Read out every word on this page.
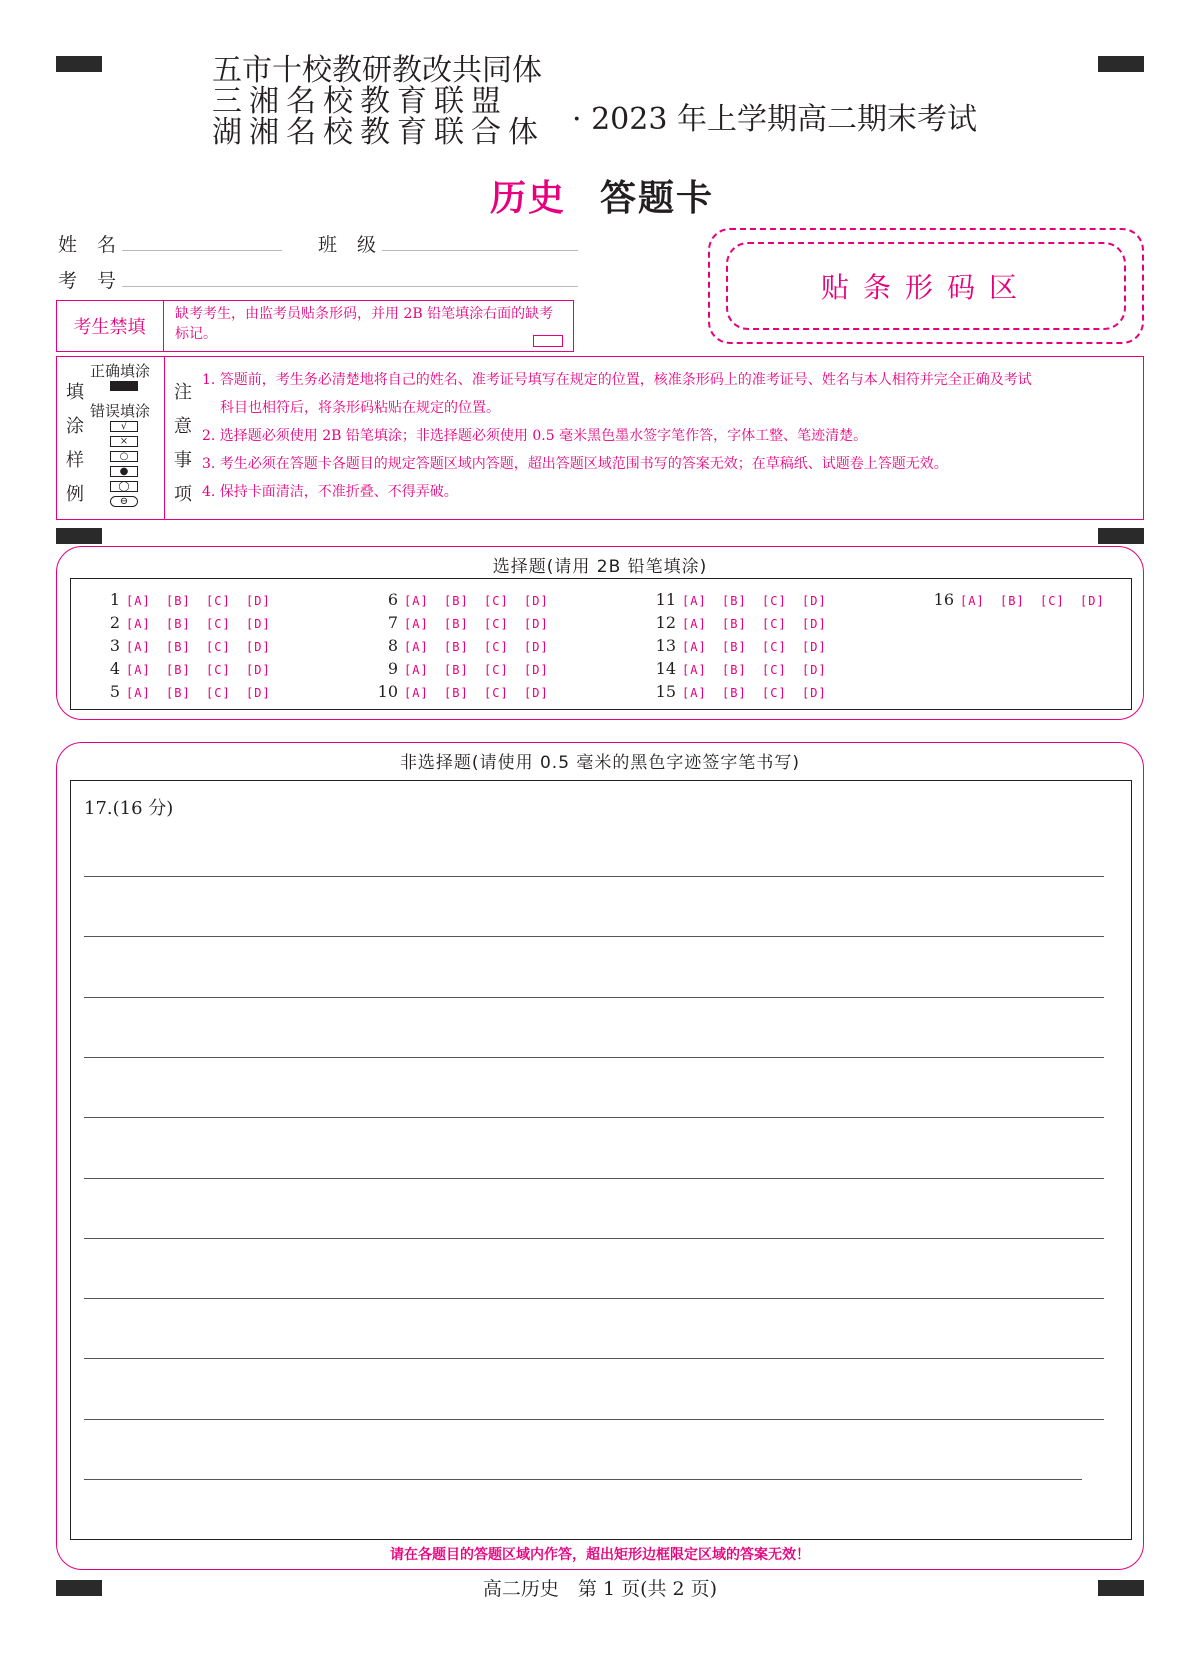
五市十校教研教改共同体
三湘名校教育联盟
湖湘名校教育联合体 · 2023 年上学期高二期末考试
历史 答题卡
姓名	班级
考号	贴条形码区
考生禁填
缺考考生，由监考员贴条形码，并用 2B 铅笔填涂右面的缺考标记。
填
涂
样
例
正确填涂
错误填涂
√
×
○
●
◯
⊖
注
意
事
项
1. 答题前，考生务必清楚地将自己的姓名、准考证号填写在规定的位置，核准条形码上的准考证号、姓名与本人相符并完全正确及考试
科目也相符后，将条形码粘贴在规定的位置。
2. 选择题必须使用 2B 铅笔填涂；非选择题必须使用 0.5 毫米黑色墨水签字笔作答，字体工整、笔迹清楚。
3. 考生必须在答题卡各题目的规定答题区域内答题，超出答题区域范围书写的答案无效；在草稿纸、试题卷上答题无效。
4. 保持卡面清洁，不准折叠、不得弄破。
选择题(请用 2B 铅笔填涂)
1 [A] [B] [C] [D]
2 [A] [B] [C] [D]
3 [A] [B] [C] [D]
4 [A] [B] [C] [D]
5 [A] [B] [C] [D]
6 [A] [B] [C] [D]
7 [A] [B] [C] [D]
8 [A] [B] [C] [D]
9 [A] [B] [C] [D]
10 [A] [B] [C] [D]
11 [A] [B] [C] [D]
12 [A] [B] [C] [D]
13 [A] [B] [C] [D]
14 [A] [B] [C] [D]
15 [A] [B] [C] [D]
16 [A] [B] [C] [D]
非选择题(请使用 0.5 毫米的黑色字迹签字笔书写)
17.(16 分)
请在各题目的答题区域内作答，超出矩形边框限定区域的答案无效！
高二历史　第 1 页(共 2 页)
